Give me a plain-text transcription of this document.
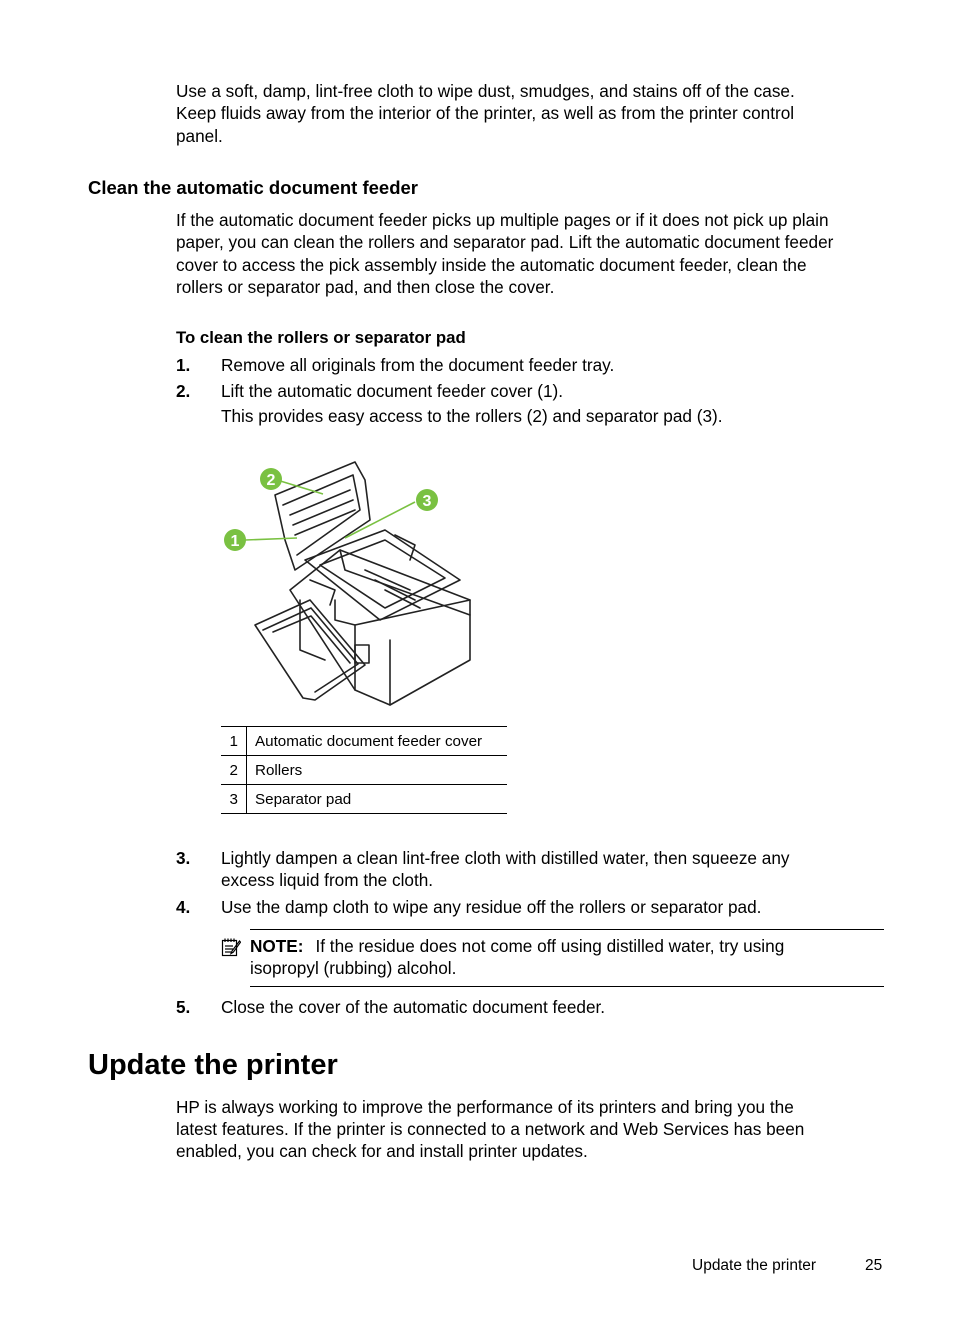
Use a soft, damp, lint-free cloth to wipe dust, smudges, and stains off of the case.

Keep fluids away from the interior of the printer, as well as from the printer control

panel.

Clean the automatic document feeder

If the automatic document feeder picks up multiple pages or if it does not pick up plain

paper, you can clean the rollers and separator pad. Lift the automatic document feeder

cover to access the pick assembly inside the automatic document feeder, clean the

rollers or separator pad, and then close the cover.

To clean the rollers or separator pad
1. Remove all originals from the document feeder tray.
2. Lift the automatic document feeder cover (1).
This provides easy access to the rollers (2) and separator pad (3).
1
2
3
1	Automatic document feeder cover
2	Rollers
3	Separator pad
3. Lightly dampen a clean lint-free cloth with distilled water, then squeeze any
excess liquid from the cloth.
4. Use the damp cloth to wipe any residue off the rollers or separator pad.
NOTE: If the residue does not come off using distilled water, try using
isopropyl (rubbing) alcohol.
5. Close the cover of the automatic document feeder.
Update the printer

HP is always working to improve the performance of its printers and bring you the

latest features. If the printer is connected to a network and Web Services has been

enabled, you can check for and install printer updates.

Update the printer	25
